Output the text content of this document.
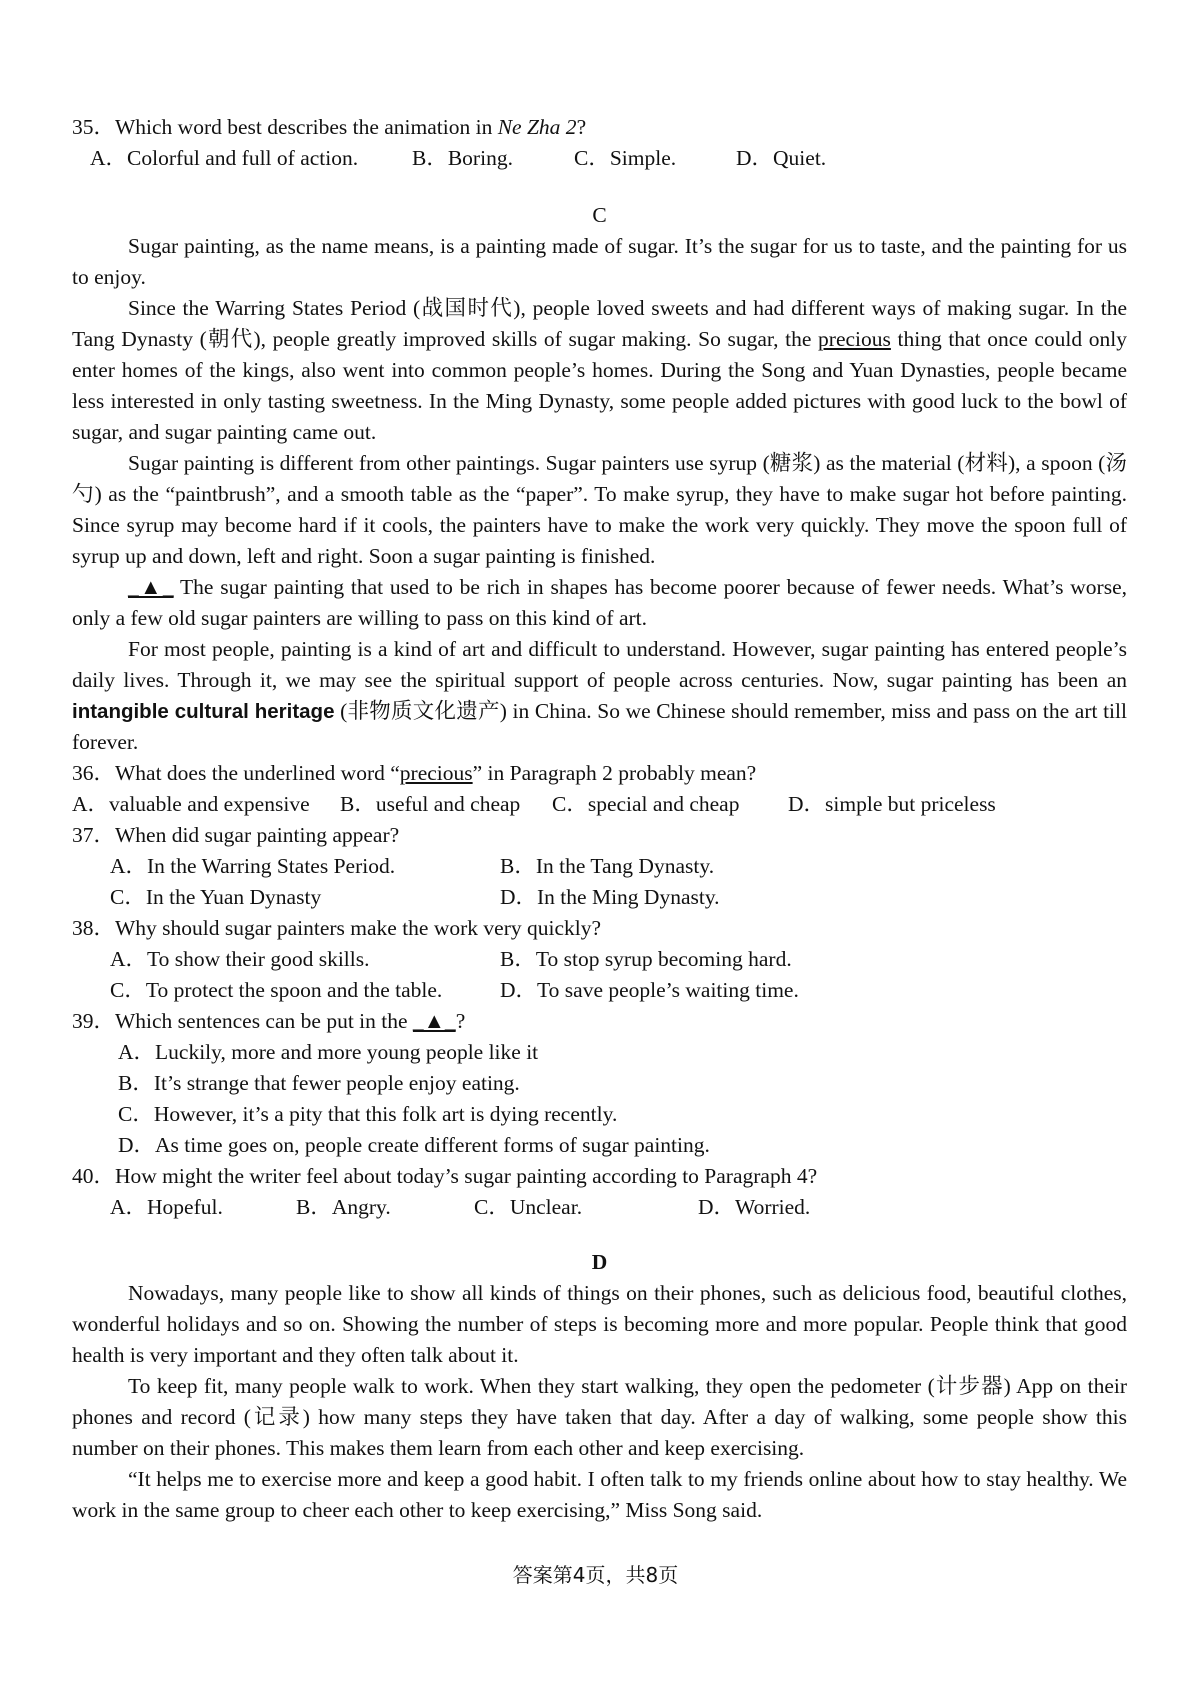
35．Which word best describes the animation in Ne Zha 2?
A．Colorful and full of action.	B．Boring.	C．Simple.	D．Quiet.
C

Sugar painting, as the name means, is a painting made of sugar. It’s the sugar for us to taste, and the painting for us to enjoy.

Since the Warring States Period (战国时代), people loved sweets and had different ways of making sugar. In the Tang Dynasty (朝代), people greatly improved skills of sugar making. So sugar, the precious thing that once could only enter homes of the kings, also went into common people’s homes. During the Song and Yuan Dynasties, people became less interested in only tasting sweetness. In the Ming Dynasty, some people added pictures with good luck to the bowl of sugar, and sugar painting came out.

Sugar painting is different from other paintings. Sugar painters use syrup (糖浆) as the material (材料), a spoon (汤勺) as the “paintbrush”, and a smooth table as the “paper”. To make syrup, they have to make sugar hot before painting. Since syrup may become hard if it cools, the painters have to make the work very quickly. They move the spoon full of syrup up and down, left and right. Soon a sugar painting is finished.

_▲_ The sugar painting that used to be rich in shapes has become poorer because of fewer needs. What’s worse, only a few old sugar painters are willing to pass on this kind of art.

For most people, painting is a kind of art and difficult to understand. However, sugar painting has entered people’s daily lives. Through it, we may see the spiritual support of people across centuries. Now, sugar painting has been an intangible cultural heritage (非物质文化遗产) in China. So we Chinese should remember, miss and pass on the art till forever.

36．What does the underlined word “precious” in Paragraph 2 probably mean?
A．valuable and expensive	B．useful and cheap	C．special and cheap	D．simple but priceless
37．When did sugar painting appear?
A．In the Warring States Period.	B．In the Tang Dynasty.
C．In the Yuan Dynasty	D．In the Ming Dynasty.
38．Why should sugar painters make the work very quickly?
A．To show their good skills.	B．To stop syrup becoming hard.
C．To protect the spoon and the table.	D．To save people’s waiting time.
39．Which sentences can be put in the _▲_?
A．Luckily, more and more young people like it
B．It’s strange that fewer people enjoy eating.
C．However, it’s a pity that this folk art is dying recently.
D．As time goes on, people create different forms of sugar painting.
40．How might the writer feel about today’s sugar painting according to Paragraph 4?
A．Hopeful.	B．Angry.	C．Unclear.	D．Worried.
D

Nowadays, many people like to show all kinds of things on their phones, such as delicious food, beautiful clothes, wonderful holidays and so on. Showing the number of steps is becoming more and more popular. People think that good health is very important and they often talk about it.

To keep fit, many people walk to work. When they start walking, they open the pedometer (计步器) App on their phones and record (记录) how many steps they have taken that day. After a day of walking, some people show this number on their phones. This makes them learn from each other and keep exercising.

“It helps me to exercise more and keep a good habit. I often talk to my friends online about how to stay healthy. We work in the same group to cheer each other to keep exercising,” Miss Song said.

答案第4页，共8页
